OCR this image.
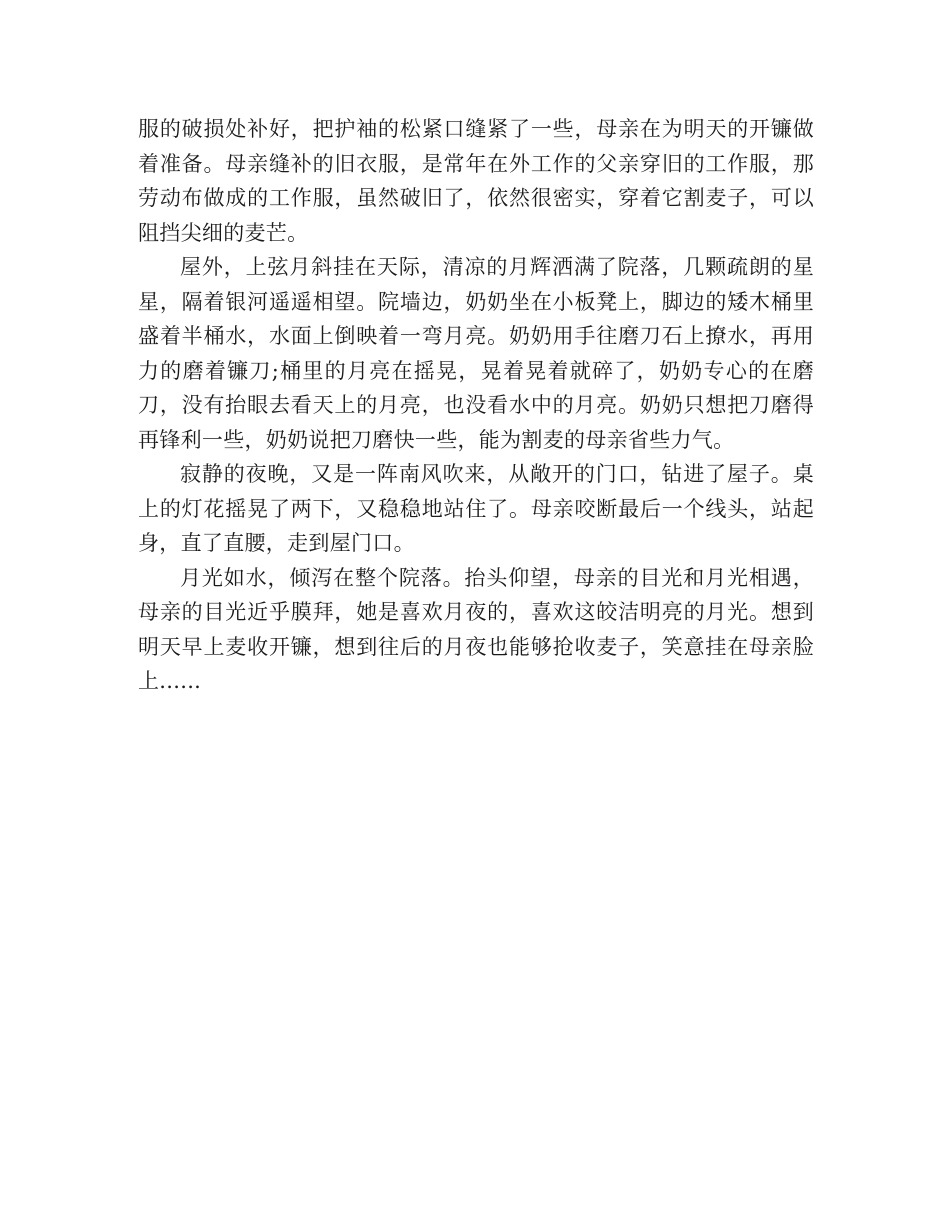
服的破损处补好，把护袖的松紧口缝紧了一些，母亲在为明天的开镰做着准备。母亲缝补的旧衣服，是常年在外工作的父亲穿旧的工作服，那劳动布做成的工作服，虽然破旧了，依然很密实，穿着它割麦子，可以阻挡尖细的麦芒。

屋外，上弦月斜挂在天际，清凉的月辉洒满了院落，几颗疏朗的星星，隔着银河遥遥相望。院墙边，奶奶坐在小板凳上，脚边的矮木桶里盛着半桶水，水面上倒映着一弯月亮。奶奶用手往磨刀石上撩水，再用力的磨着镰刀;桶里的月亮在摇晃，晃着晃着就碎了，奶奶专心的在磨刀，没有抬眼去看天上的月亮，也没看水中的月亮。奶奶只想把刀磨得再锋利一些，奶奶说把刀磨快一些，能为割麦的母亲省些力气。

寂静的夜晚，又是一阵南风吹来，从敞开的门口，钻进了屋子。桌上的灯花摇晃了两下，又稳稳地站住了。母亲咬断最后一个线头，站起身，直了直腰，走到屋门口。

月光如水，倾泻在整个院落。抬头仰望，母亲的目光和月光相遇，母亲的目光近乎膜拜，她是喜欢月夜的，喜欢这皎洁明亮的月光。想到明天早上麦收开镰，想到往后的月夜也能够抢收麦子，笑意挂在母亲脸上......
